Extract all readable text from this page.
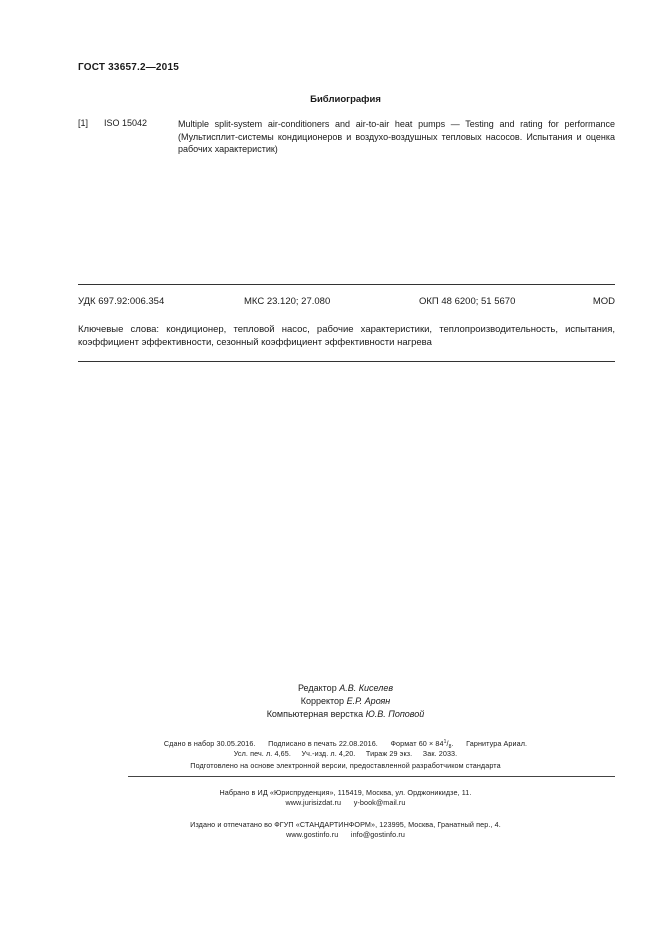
ГОСТ 33657.2—2015
Библиография
[1] ISO 15042	Multiple split-system air-conditioners and air-to-air heat pumps — Testing and rating for performance (Мультисплит-системы кондиционеров и воздухо-воздушных тепловых насосов. Испытания и оценка рабочих характеристик)
УДК 697.92:006.354	МКС 23.120; 27.080	ОКП 48 6200; 51 5670	MOD
Ключевые слова: кондиционер, тепловой насос, рабочие характеристики, теплопроизводительность, испытания, коэффициент эффективности, сезонный коэффициент эффективности нагрева
Редактор А.В. Киселев
Корректор Е.Р. Ароян
Компьютерная верстка Ю.В. Поповой
Сдано в набор 30.05.2016. Подписано в печать 22.08.2016. Формат $60 \times 84^1/_8$.      Гарнитура Ариал.
Усл. печ. л. 4,65. Уч.-изд. л. 4,20. Тираж 29 экз. Зак. 2033.
Подготовлено на основе электронной версии, предоставленной разработчиком стандарта
Набрано в ИД «Юриспруденция», 115419, Москва, ул. Орджоникидзе, 11.
www.jurisizdat.ru y-book@mail.ru
Издано и отпечатано во ФГУП «СТАНДАРТИНФОРМ», 123995, Москва, Гранатный пер., 4.
www.gostinfo.ru info@gostinfo.ru
